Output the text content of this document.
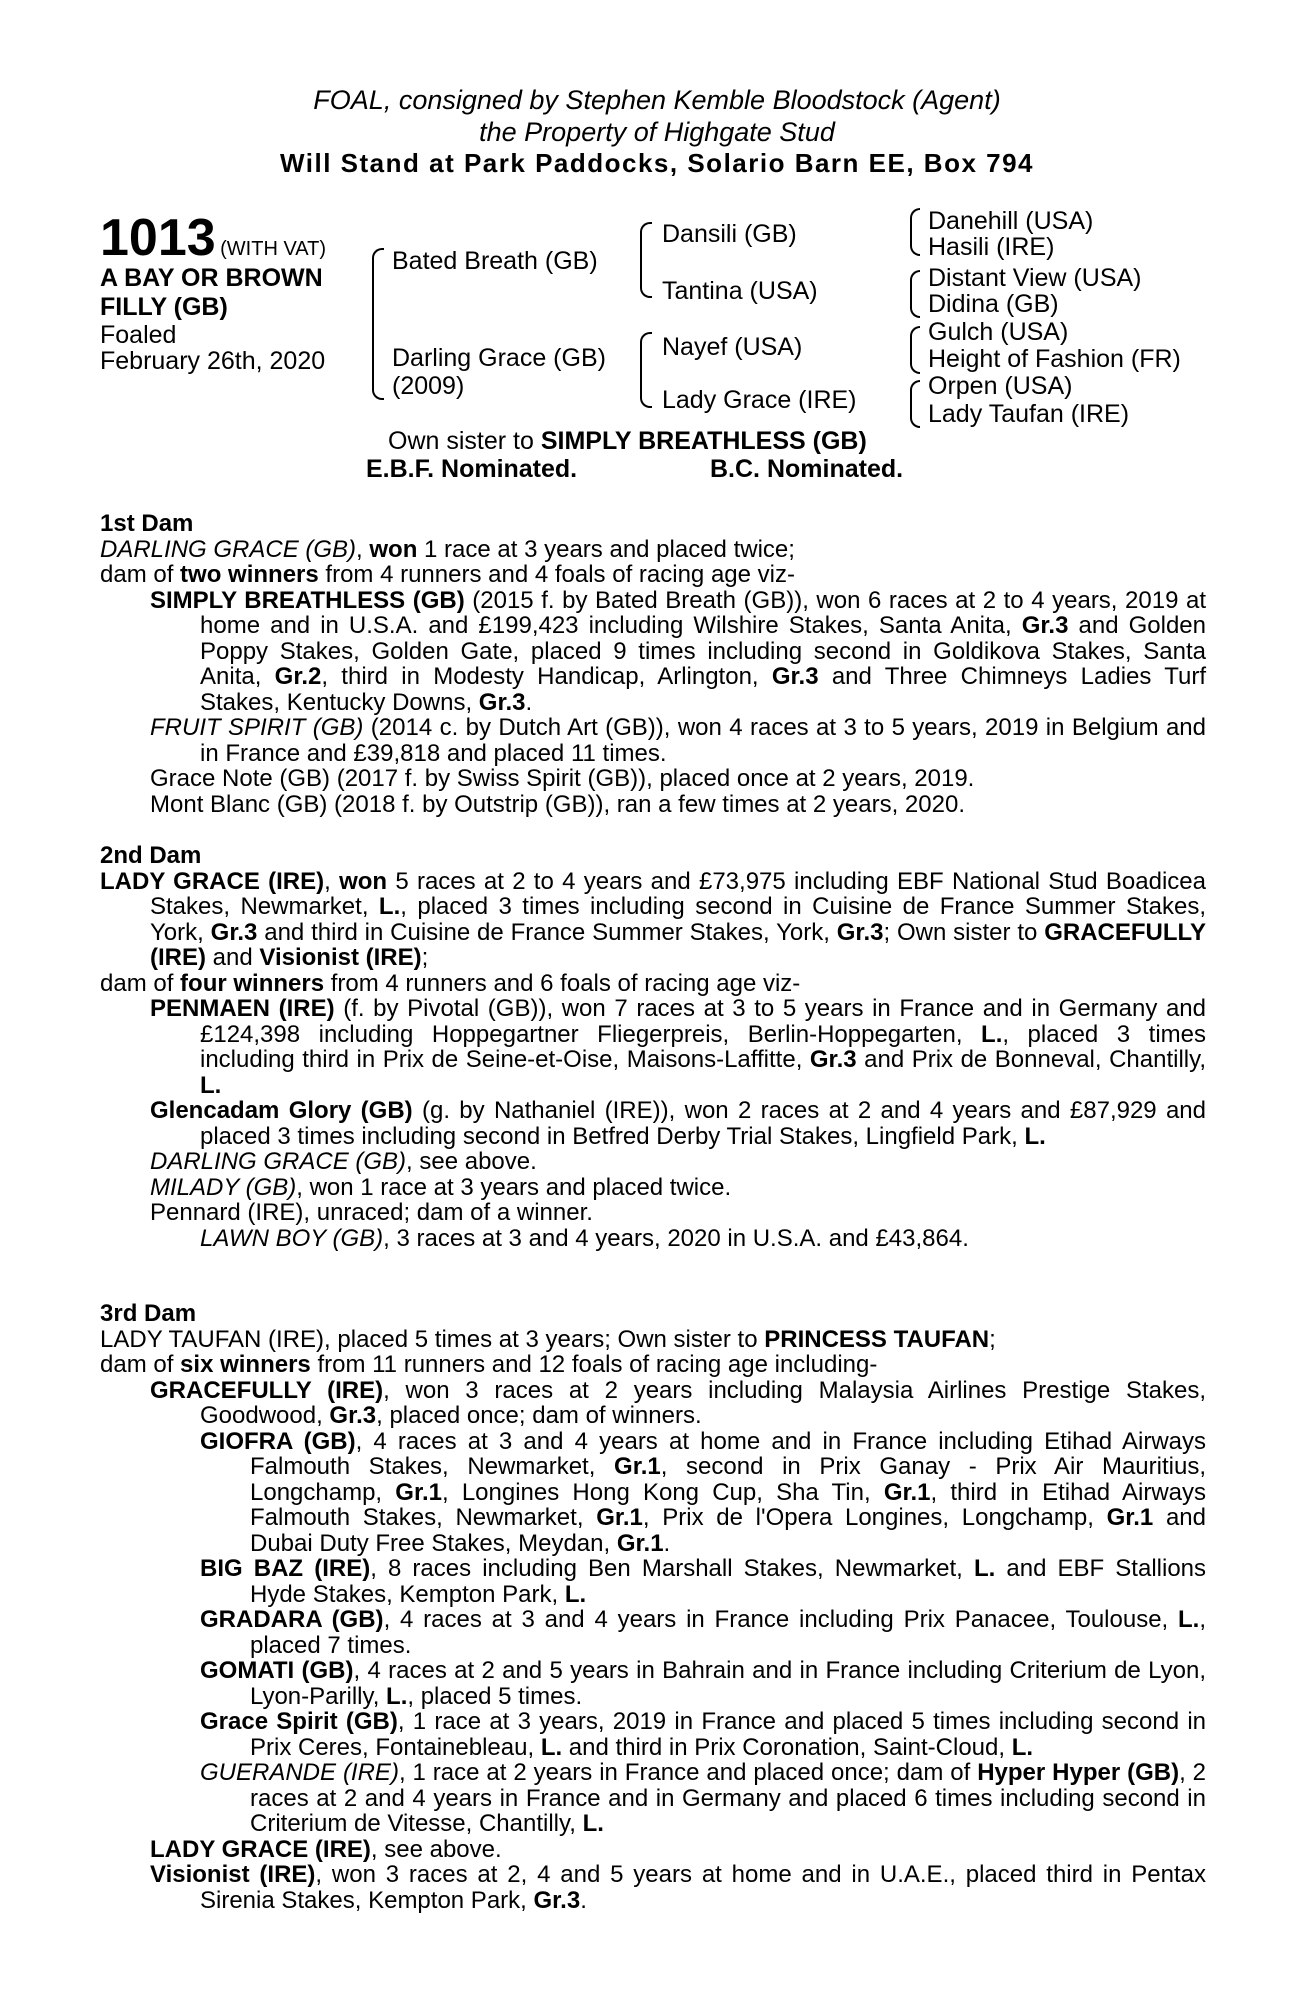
FOAL, consigned by Stephen Kemble Bloodstock (Agent)
the Property of Highgate Stud
Will Stand at Park Paddocks, Solario Barn EE, Box 794
1013 (WITH VAT)
A BAY OR BROWN
FILLY (GB)
Foaled
February 26th, 2020
Bated Breath (GB)
Darling Grace (GB)
(2009)
Dansili (GB)
Tantina (USA)
Nayef (USA)
Lady Grace (IRE)
Danehill (USA)
Hasili (IRE)
Distant View (USA)
Didina (GB)
Gulch (USA)
Height of Fashion (FR)
Orpen (USA)
Lady Taufan (IRE)
Own sister to SIMPLY BREATHLESS (GB)
E.B.F. Nominated.	B.C. Nominated.
1st Dam

DARLING GRACE (GB), won 1 race at 3 years and placed twice;

dam of two winners from 4 runners and 4 foals of racing age viz-

SIMPLY BREATHLESS (GB) (2015 f. by Bated Breath (GB)), won 6 races at 2 to 4 years, 2019 at home and in U.S.A. and £199,423 including Wilshire Stakes, Santa Anita, Gr.3 and Golden Poppy Stakes, Golden Gate, placed 9 times including second in Goldikova Stakes, Santa Anita, Gr.2, third in Modesty Handicap, Arlington, Gr.3 and Three Chimneys Ladies Turf Stakes, Kentucky Downs, Gr.3.

FRUIT SPIRIT (GB) (2014 c. by Dutch Art (GB)), won 4 races at 3 to 5 years, 2019 in Belgium and in France and £39,818 and placed 11 times.

Grace Note (GB) (2017 f. by Swiss Spirit (GB)), placed once at 2 years, 2019.

Mont Blanc (GB) (2018 f. by Outstrip (GB)), ran a few times at 2 years, 2020.

2nd Dam

LADY GRACE (IRE), won 5 races at 2 to 4 years and £73,975 including EBF National Stud Boadicea Stakes, Newmarket, L., placed 3 times including second in Cuisine de France Summer Stakes, York, Gr.3 and third in Cuisine de France Summer Stakes, York, Gr.3; Own sister to GRACEFULLY (IRE) and Visionist (IRE);

dam of four winners from 4 runners and 6 foals of racing age viz-

PENMAEN (IRE) (f. by Pivotal (GB)), won 7 races at 3 to 5 years in France and in Germany and £124,398 including Hoppegartner Fliegerpreis, Berlin-Hoppegarten, L., placed 3 times including third in Prix de Seine-et-Oise, Maisons-Laffitte, Gr.3 and Prix de Bonneval, Chantilly, L.

Glencadam Glory (GB) (g. by Nathaniel (IRE)), won 2 races at 2 and 4 years and £87,929 and placed 3 times including second in Betfred Derby Trial Stakes, Lingfield Park, L.

DARLING GRACE (GB), see above.

MILADY (GB), won 1 race at 3 years and placed twice.

Pennard (IRE), unraced; dam of a winner.

LAWN BOY (GB), 3 races at 3 and 4 years, 2020 in U.S.A. and £43,864.

3rd Dam

LADY TAUFAN (IRE), placed 5 times at 3 years; Own sister to PRINCESS TAUFAN;

dam of six winners from 11 runners and 12 foals of racing age including-

GRACEFULLY (IRE), won 3 races at 2 years including Malaysia Airlines Prestige Stakes, Goodwood, Gr.3, placed once; dam of winners.

GIOFRA (GB), 4 races at 3 and 4 years at home and in France including Etihad Airways Falmouth Stakes, Newmarket, Gr.1, second in Prix Ganay - Prix Air Mauritius, Longchamp, Gr.1, Longines Hong Kong Cup, Sha Tin, Gr.1, third in Etihad Airways Falmouth Stakes, Newmarket, Gr.1, Prix de l'Opera Longines, Longchamp, Gr.1 and Dubai Duty Free Stakes, Meydan, Gr.1.

BIG BAZ (IRE), 8 races including Ben Marshall Stakes, Newmarket, L. and EBF Stallions Hyde Stakes, Kempton Park, L.

GRADARA (GB), 4 races at 3 and 4 years in France including Prix Panacee, Toulouse, L., placed 7 times.

GOMATI (GB), 4 races at 2 and 5 years in Bahrain and in France including Criterium de Lyon, Lyon-Parilly, L., placed 5 times.

Grace Spirit (GB), 1 race at 3 years, 2019 in France and placed 5 times including second in Prix Ceres, Fontainebleau, L. and third in Prix Coronation, Saint-Cloud, L.

GUERANDE (IRE), 1 race at 2 years in France and placed once; dam of Hyper Hyper (GB), 2 races at 2 and 4 years in France and in Germany and placed 6 times including second in Criterium de Vitesse, Chantilly, L.

LADY GRACE (IRE), see above.

Visionist (IRE), won 3 races at 2, 4 and 5 years at home and in U.A.E., placed third in Pentax Sirenia Stakes, Kempton Park, Gr.3.
